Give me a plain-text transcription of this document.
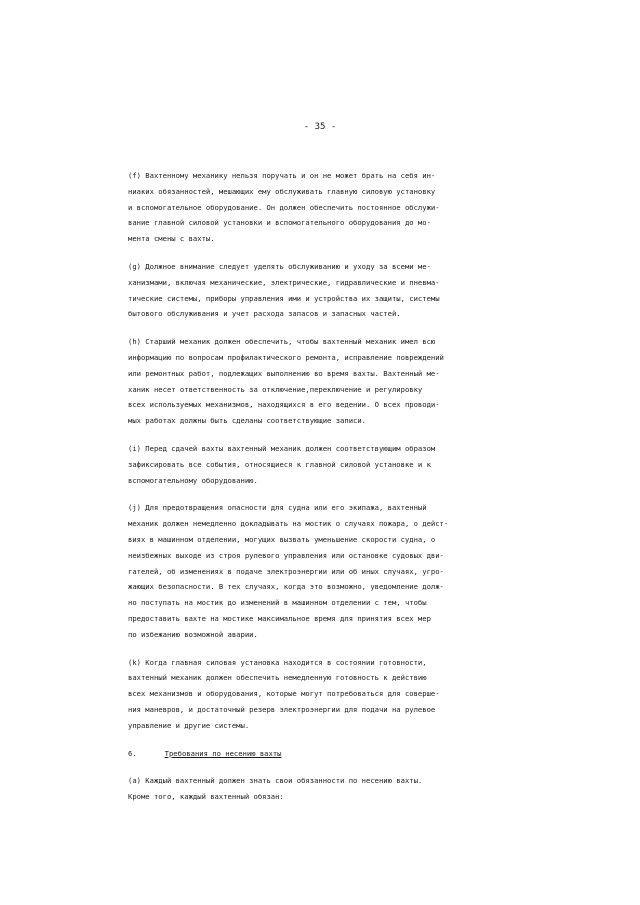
- 35 -
(f) Вахтенному механику нельзя поручать и он не может брать на себя ин-
ниаких обязанностей, мешающих ему обслуживать главную силовую установку
и вспомогательное оборудование. Он должен обеспечить постоянное обслужи-
вание главной силовой установки и вспомогательного оборудования до мо-
мента смены с вахты.
(g) Должное внимание следует уделять обслуживанию и уходу за всеми ме-
ханизмами, включая механические, электрические, гидравлические и пневма-
тические системы, приборы управления ими и устройства их защиты, системы
бытового обслуживания и учет расхода запасов и запасных частей.
(h) Старший механик должен обеспечить, чтобы вахтенный механик имел всю
информацию по вопросам профилактического ремонта, исправление повреждений
или ремонтных работ, подлежащих выполнению во время вахты. Вахтенный ме-
ханик несет ответственность за отключение,переключение и регулировку
всех используемых механизмов, находящихся в его ведении. О всех проводи-
мых работах должны быть сделаны соответствующие записи.
(i) Перед сдачей вахты вахтенный механик должен соответствующим образом
зафиксировать все события, относящиеся к главной силовой установке и к
вспомогательному оборудованию.
(j) Для предотвращения опасности для судна или его экипажа, вахтенный
механик должен немедленно докладывать на мостик о случаях пожара, о дейст-
виях в машинном отделении, могущих вызвать уменьшение скорости судна, о
неизбежных выходе из строя рулевого управления или остановке судовых дви-
гателей, об изменениях в подаче электроэнергии или об иных случаях, угро-
жающих безопасности. В тех случаях, когда это возможно, уведомление долж-
но поступать на мостик до изменений в машинном отделении с тем, чтобы
предоставить вахте на мостике максимальное время для принятия всех мер
по избежанию возможной аварии.
(k) Когда главная силовая установка находится в состоянии готовности,
вахтенный механик должен обеспечить немедленную готовность к действию
всех механизмов и оборудования, которые могут потребоваться для соверше-
ния маневров, и достаточный резерв электроэнергии для подачи на рулевое
управление и другие системы.
6.	Требования по несению вахты
(a) Каждый вахтенный должен знать свои обязанности по несению вахты.
Кроме того, каждый вахтенный обязан:
